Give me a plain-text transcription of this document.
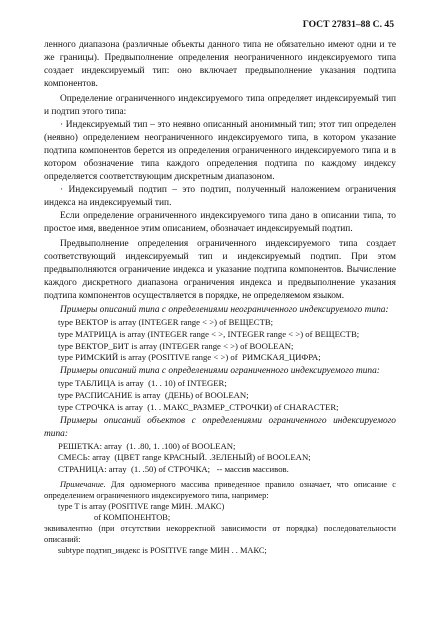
ГОСТ 27831–88 С. 45

ленного диапазона (различные объекты данного типа не обязательно имеют одни и те же границы). Предвыполнение определения неограниченного индексируемого типа создает индексируемый тип: оно включает предвыполнение указания подтипа компонентов.

Определение ограниченного индексируемого типа определяет индексируемый тип и подтип этого типа:

· Индексируемый тип – это неявно описанный анонимный тип; этот тип определен (неявно) определением неограниченного индексируемого типа, в котором указание подтипа компонентов берется из определения ограниченного индексируемого типа и в котором обозначение типа каждого определения подтипа по каждому индексу определяется соответствующим дискретным диапазоном.

· Индексируемый подтип – это подтип, полученный наложением ограничения индекса на индексируемый тип.

Если определение ограниченного индексируемого типа дано в описании типа, то простое имя, введенное этим описанием, обозначает индексируемый подтип.

Предвыполнение определения ограниченного индексируемого типа создает соответствующий индексируемый тип и индексируемый подтип. При этом предвыполняются ограничение индекса и указание подтипа компонентов. Вычисление каждого дискретного диапазона ограничения индекса и предвыполнение указания подтипа компонентов осуществляется в порядке, не определяемом языком.

Примеры описаний типа с определениями неограниченного индексируемого типа:

type ВЕКТОР is array (INTEGER range < >) of ВЕЩЕСТВ;
type МАТРИЦА is array (INTEGER range < >, INTEGER range < >) of ВЕЩЕСТВ;
type ВЕКТОР_БИТ is array (INTEGER range < >) of BOOLEAN;
type РИМСКИЙ is array (POSITIVE range < >) of  РИМСКАЯ_ЦИФРА;

Примеры описаний типа с определениями ограниченного индексируемого типа:

type ТАБЛИЦА is array  (1. . 10) of INTEGER;
type РАСПИСАНИЕ is array  (ДЕНЬ) of BOOLEAN;
type СТРОЧКА is array  (1. . МАКС_РАЗМЕР_СТРОЧКИ) of CHARACTER;

Примеры описаний объектов с определениями ограниченного индексируемого типа:

РЕШЕТКА: array  (1. .80, 1. .100) of BOOLEAN;
СМЕСЬ: array  (ЦВЕТ range КРАСНЫЙ. .ЗЕЛЕНЫЙ) of BOOLEAN;
СТРАНИЦА: array  (1. .50) of СТРОЧКА;   -- массив массивов.

Примечание. Для одномерного массива приведенное правило означает, что описание с определением ограниченного индексируемого типа, например:

type T is array (POSITIVE range МИН. .МАКС)
of КОМПОНЕНТОВ;

эквивалентно (при отсутствии некорректной зависимости от порядка) последовательности описаний:

subtype подтип_индекс is POSITIVE range МИН . . МАКС;
